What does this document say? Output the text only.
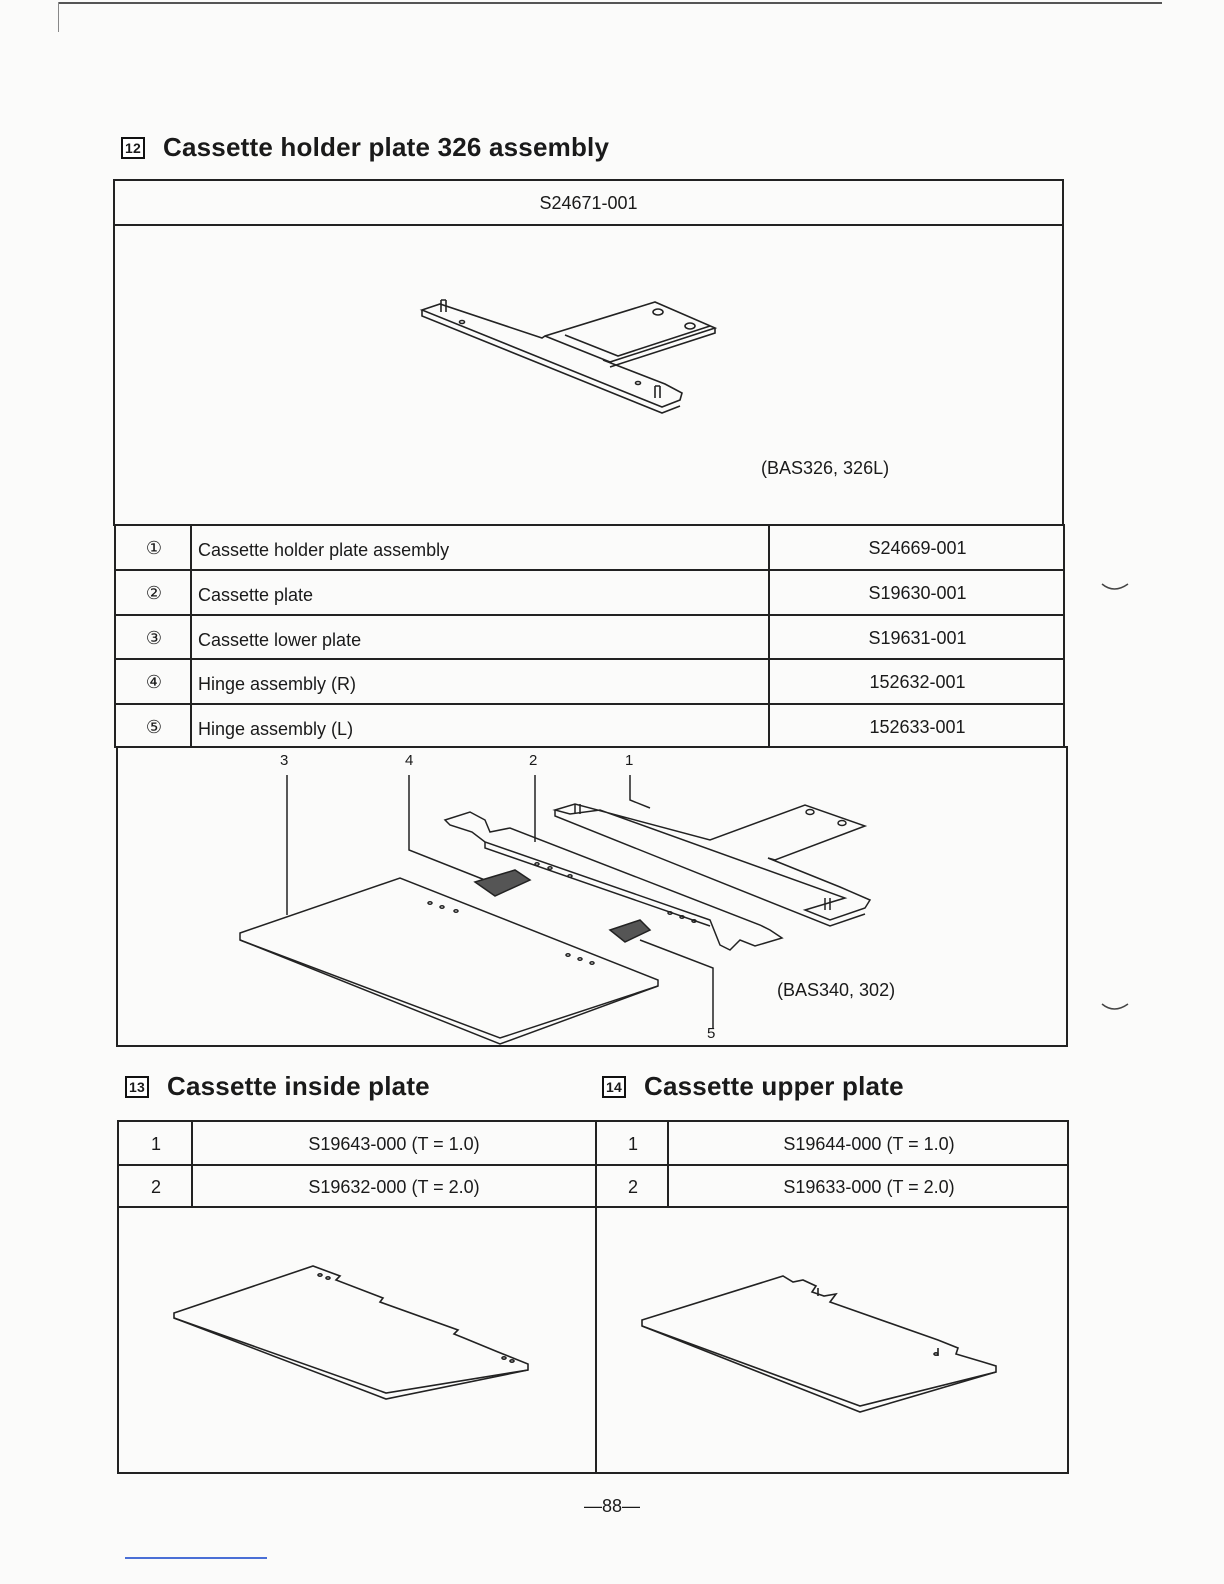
12 Cassette holder plate 326 assembly
S24671-001
(BAS326, 326L)
①	Cassette holder plate assembly	S24669-001
②	Cassette plate	S19630-001
③	Cassette lower plate	S19631-001
④	Hinge assembly (R)	152632-001
⑤	Hinge assembly (L)	152633-001
(BAS340, 302)
3	4	2	1
5
13 Cassette inside plate	14 Cassette upper plate
1	S19643-000 (T = 1.0)
2	S19632-000 (T = 2.0)
1	S19644-000 (T = 1.0)
2	S19633-000 (T = 2.0)
—88—
